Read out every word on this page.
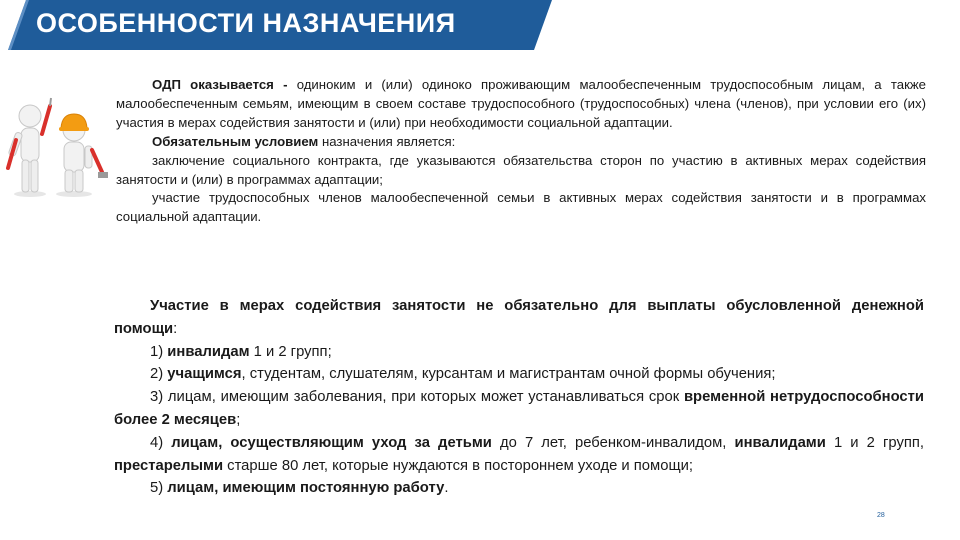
ОСОБЕННОСТИ НАЗНАЧЕНИЯ

ОДП оказывается - одиноким и (или) одиноко проживающим малообеспеченным трудоспособным лицам, а также малообеспеченным семьям, имеющим в своем составе трудоспособного (трудоспособных) члена (членов), при условии его (их) участия в мерах содействия занятости и (или) при необходимости социальной адаптации.

Обязательным условием назначения является:

заключение социального контракта, где указываются обязательства сторон по участию в активных мерах содействия занятости и (или) в программах адаптации;

участие трудоспособных членов малообеспеченной семьи в активных мерах содействия занятости и в программах социальной адаптации.

Участие в мерах содействия занятости не обязательно для выплаты обусловленной денежной помощи:

1) инвалидам 1 и 2 групп;

2) учащимся, студентам, слушателям, курсантам и магистрантам очной формы обучения;

3) лицам, имеющим заболевания, при которых может устанавливаться срок временной нетрудоспособности более 2 месяцев;

4) лицам, осуществляющим уход за детьми до 7 лет, ребенком-инвалидом, инвалидами 1 и 2 групп, престарелыми старше 80 лет, которые нуждаются в постороннем уходе и помощи;

5) лицам, имеющим постоянную работу.

28
